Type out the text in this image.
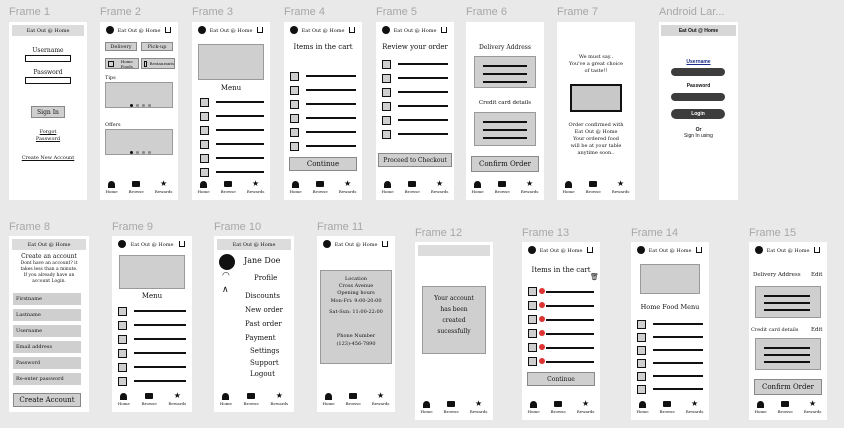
Frame 1	Frame 2	Frame 3	Frame 4	Frame 5	Frame 6	Frame 7	Android Lar...
Frame 8	Frame 9	Frame 10	Frame 11	Frame 12	Frame 13	Frame 14	Frame 15
Eat Out @ Home
Username
Password
Sign In
Forgot
Password
Create New Account
Eat Out @ Home
Delivery	Pick-up
Home Foods	Restaurants
Tips
Offers
Home	Browse
★
Rewards
Eat Out @ Home
Menu
Home	Browse
★
Rewards
Eat Out @ Home
Items in the cart
Continue
Home	Browse
★
Rewards
Eat Out @ Home
Review your order
Proceed to Checkout
Home	Browse
★
Rewards
Delivery Address
Credit card details
Confirm Order
Home	Browse
★
Rewards
We must say..
You've a great choice
of taste!!
Order confirmed with
Eat Out @ Home
Your ordered food
will be at your table
anytime soon..
Home	Browse
★
Rewards
Eat Out @ Home
Username
Password
Login
Or
Sign In using
Eat Out @ Home
Create an account
Dont have an account? it
takes less than a minute.
If you already have an
account Login.
Firstname
Lastname
Username
Email address
Password
Re-enter password
Create Account
Eat Out @ Home
Menu
Home	Browse
★
Rewards
Eat Out @ Home
Jane Doe
◠	Profile
∧
Discounts
New order
Past order
Payment
Settings
Support
Logout
Home	Browse
★
Rewards
Eat Out @ Home
Location
Cross Avenue
Opening hours
Mon-Fri: 9:00-20:00
Sat-Sun: 11:00-22:00
Phone Number
(123)-456-7890
Home	Browse
★
Rewards
Your account
has been
created
sucessfully
Home	Browse
★
Rewards
Eat Out @ Home
Items in the cart
🗑
Continue
Home	Browse
★
Rewards
Eat Out @ Home
Home Food Menu
Home	Browse
★
Rewards
Eat Out @ Home
Delivery Address Edit
Credit card details Edit
Confirm Order
Home	Browse
★
Rewards
